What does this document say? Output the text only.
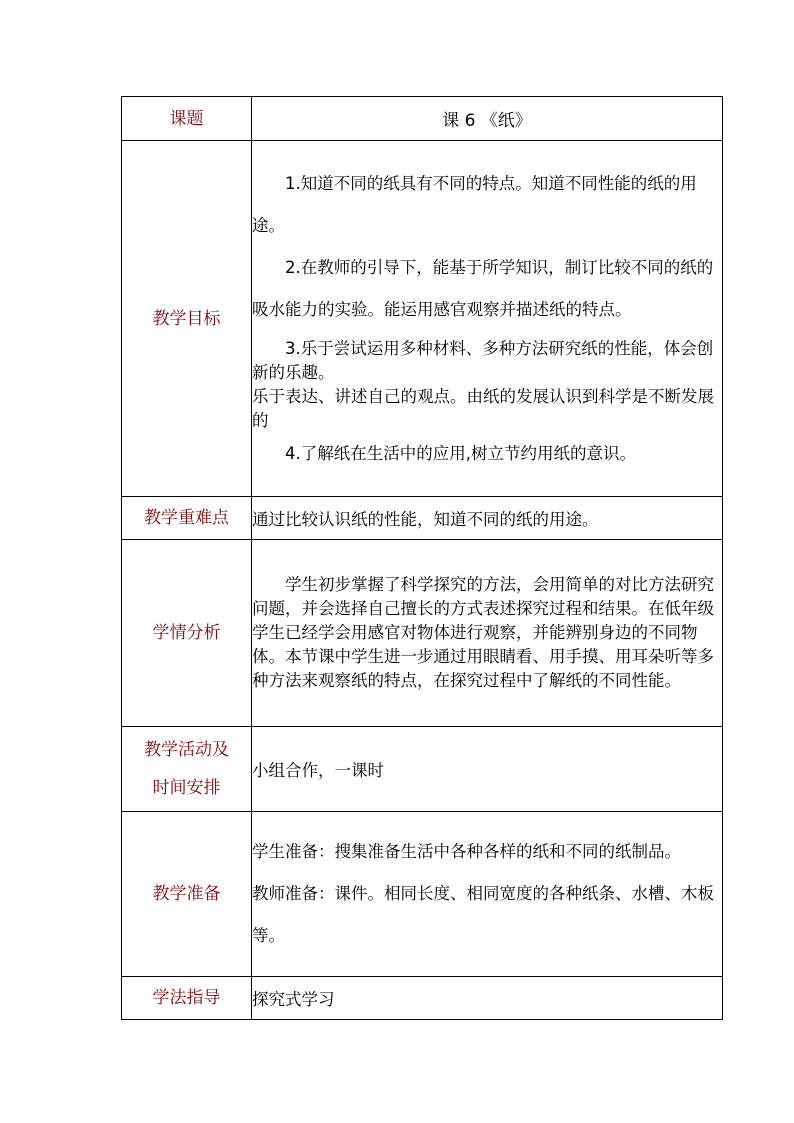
课题	课 6 《纸》
教学目标	1.知道不同的纸具有不同的特点。知道不同性能的纸的用途。

2.在教师的引导下，能基于所学知识，制订比较不同的纸的吸水能力的实验。能运用感官观察并描述纸的特点。

3.乐于尝试运用多种材料、多种方法研究纸的性能，体会创新的乐趣。

乐于表达、讲述自己的观点。由纸的发展认识到科学是不断发展的

4.了解纸在生活中的应用,树立节约用纸的意识。

教学重难点	通过比较认识纸的性能，知道不同的纸的用途。
学情分析	学生初步掌握了科学探究的方法，会用简单的对比方法研究问题，并会选择自己擅长的方式表述探究过程和结果。在低年级学生已经学会用感官对物体进行观察，并能辨别身边的不同物体。本节课中学生进一步通过用眼睛看、用手摸、用耳朵听等多种方法来观察纸的特点，在探究过程中了解纸的不同性能。

教学活动及
时间安排	小组合作，一课时
教学准备	学生准备：搜集准备生活中各种各样的纸和不同的纸制品。

教师准备：课件。相同长度、相同宽度的各种纸条、水槽、木板等。

学法指导	探究式学习
